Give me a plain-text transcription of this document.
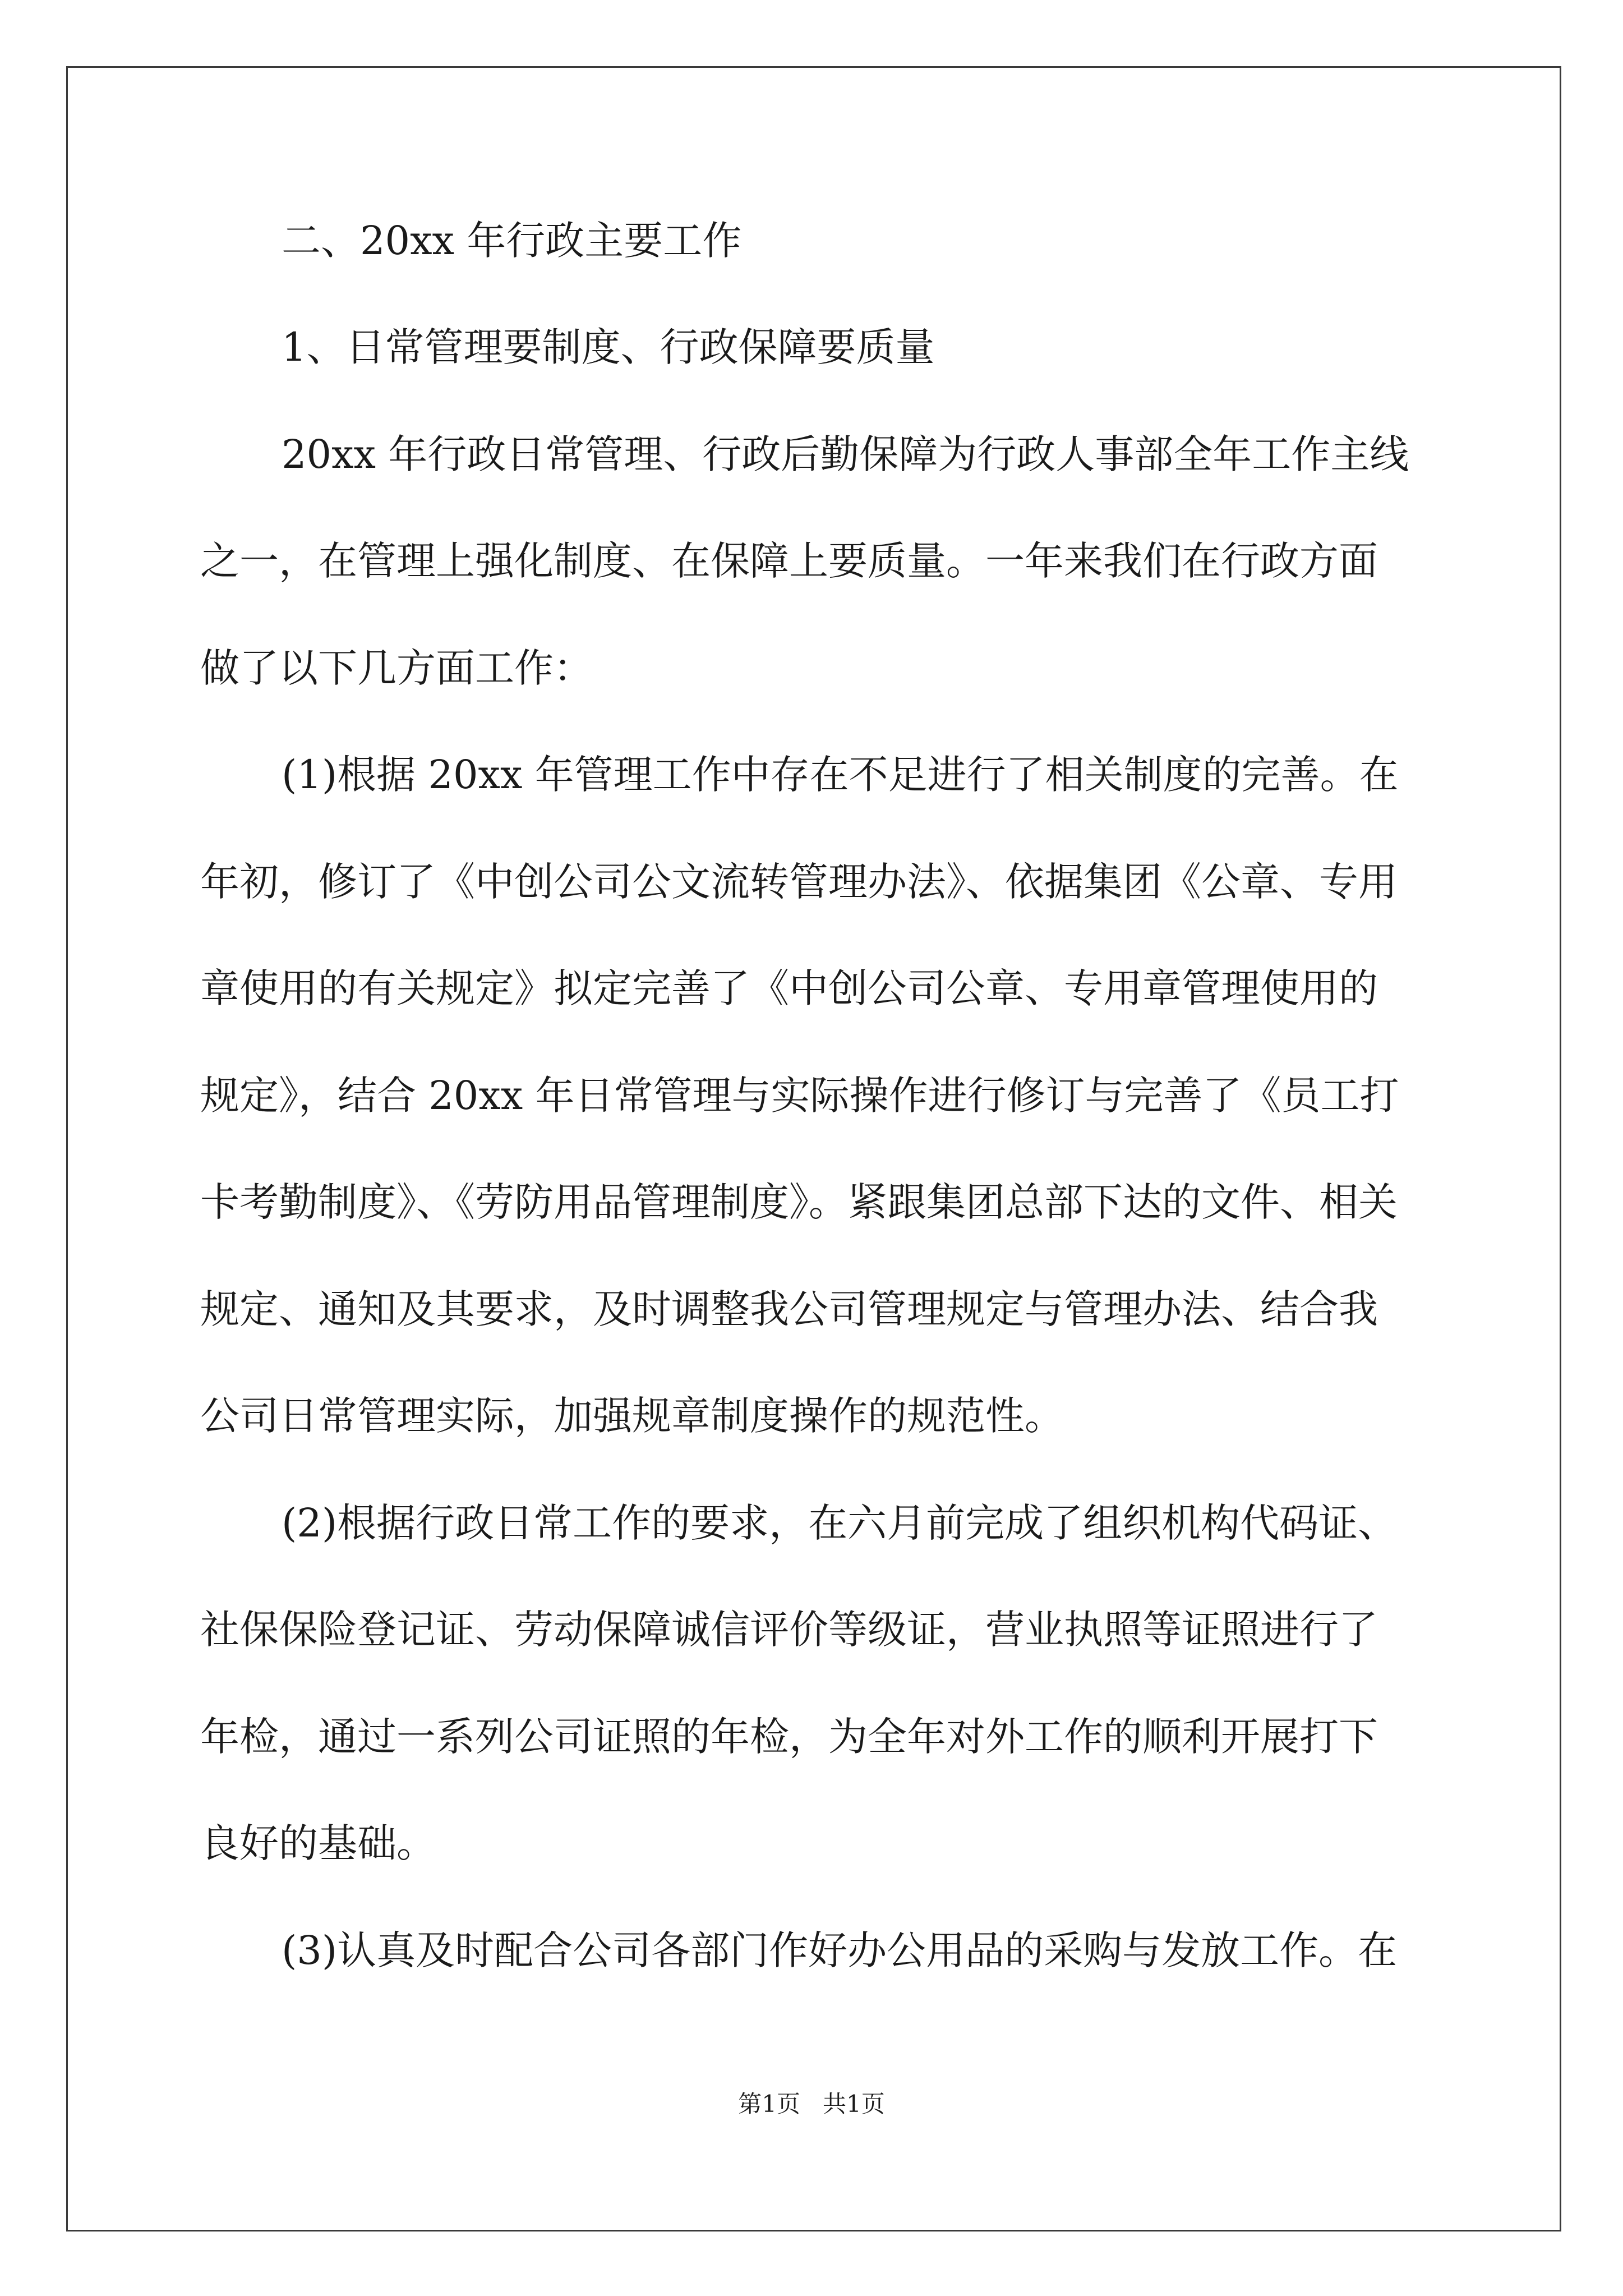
二、20xx 年行政主要工作
1、日常管理要制度、行政保障要质量
20xx 年行政日常管理、行政后勤保障为行政人事部全年工作主线
之一，在管理上强化制度、在保障上要质量。一年来我们在行政方面
做了以下几方面工作：
(1)根据 20xx 年管理工作中存在不足进行了相关制度的完善。在
年初，修订了《中创公司公文流转管理办法》、依据集团《公章、专用
章使用的有关规定》拟定完善了《中创公司公章、专用章管理使用的
规定》，结合 20xx 年日常管理与实际操作进行修订与完善了《员工打
卡考勤制度》、《劳防用品管理制度》。紧跟集团总部下达的文件、相关
规定、通知及其要求，及时调整我公司管理规定与管理办法、结合我
公司日常管理实际，加强规章制度操作的规范性。
(2)根据行政日常工作的要求，在六月前完成了组织机构代码证、
社保保险登记证、劳动保障诚信评价等级证，营业执照等证照进行了
年检，通过一系列公司证照的年检，为全年对外工作的顺利开展打下
良好的基础。
(3)认真及时配合公司各部门作好办公用品的采购与发放工作。在
第1页   共1页
